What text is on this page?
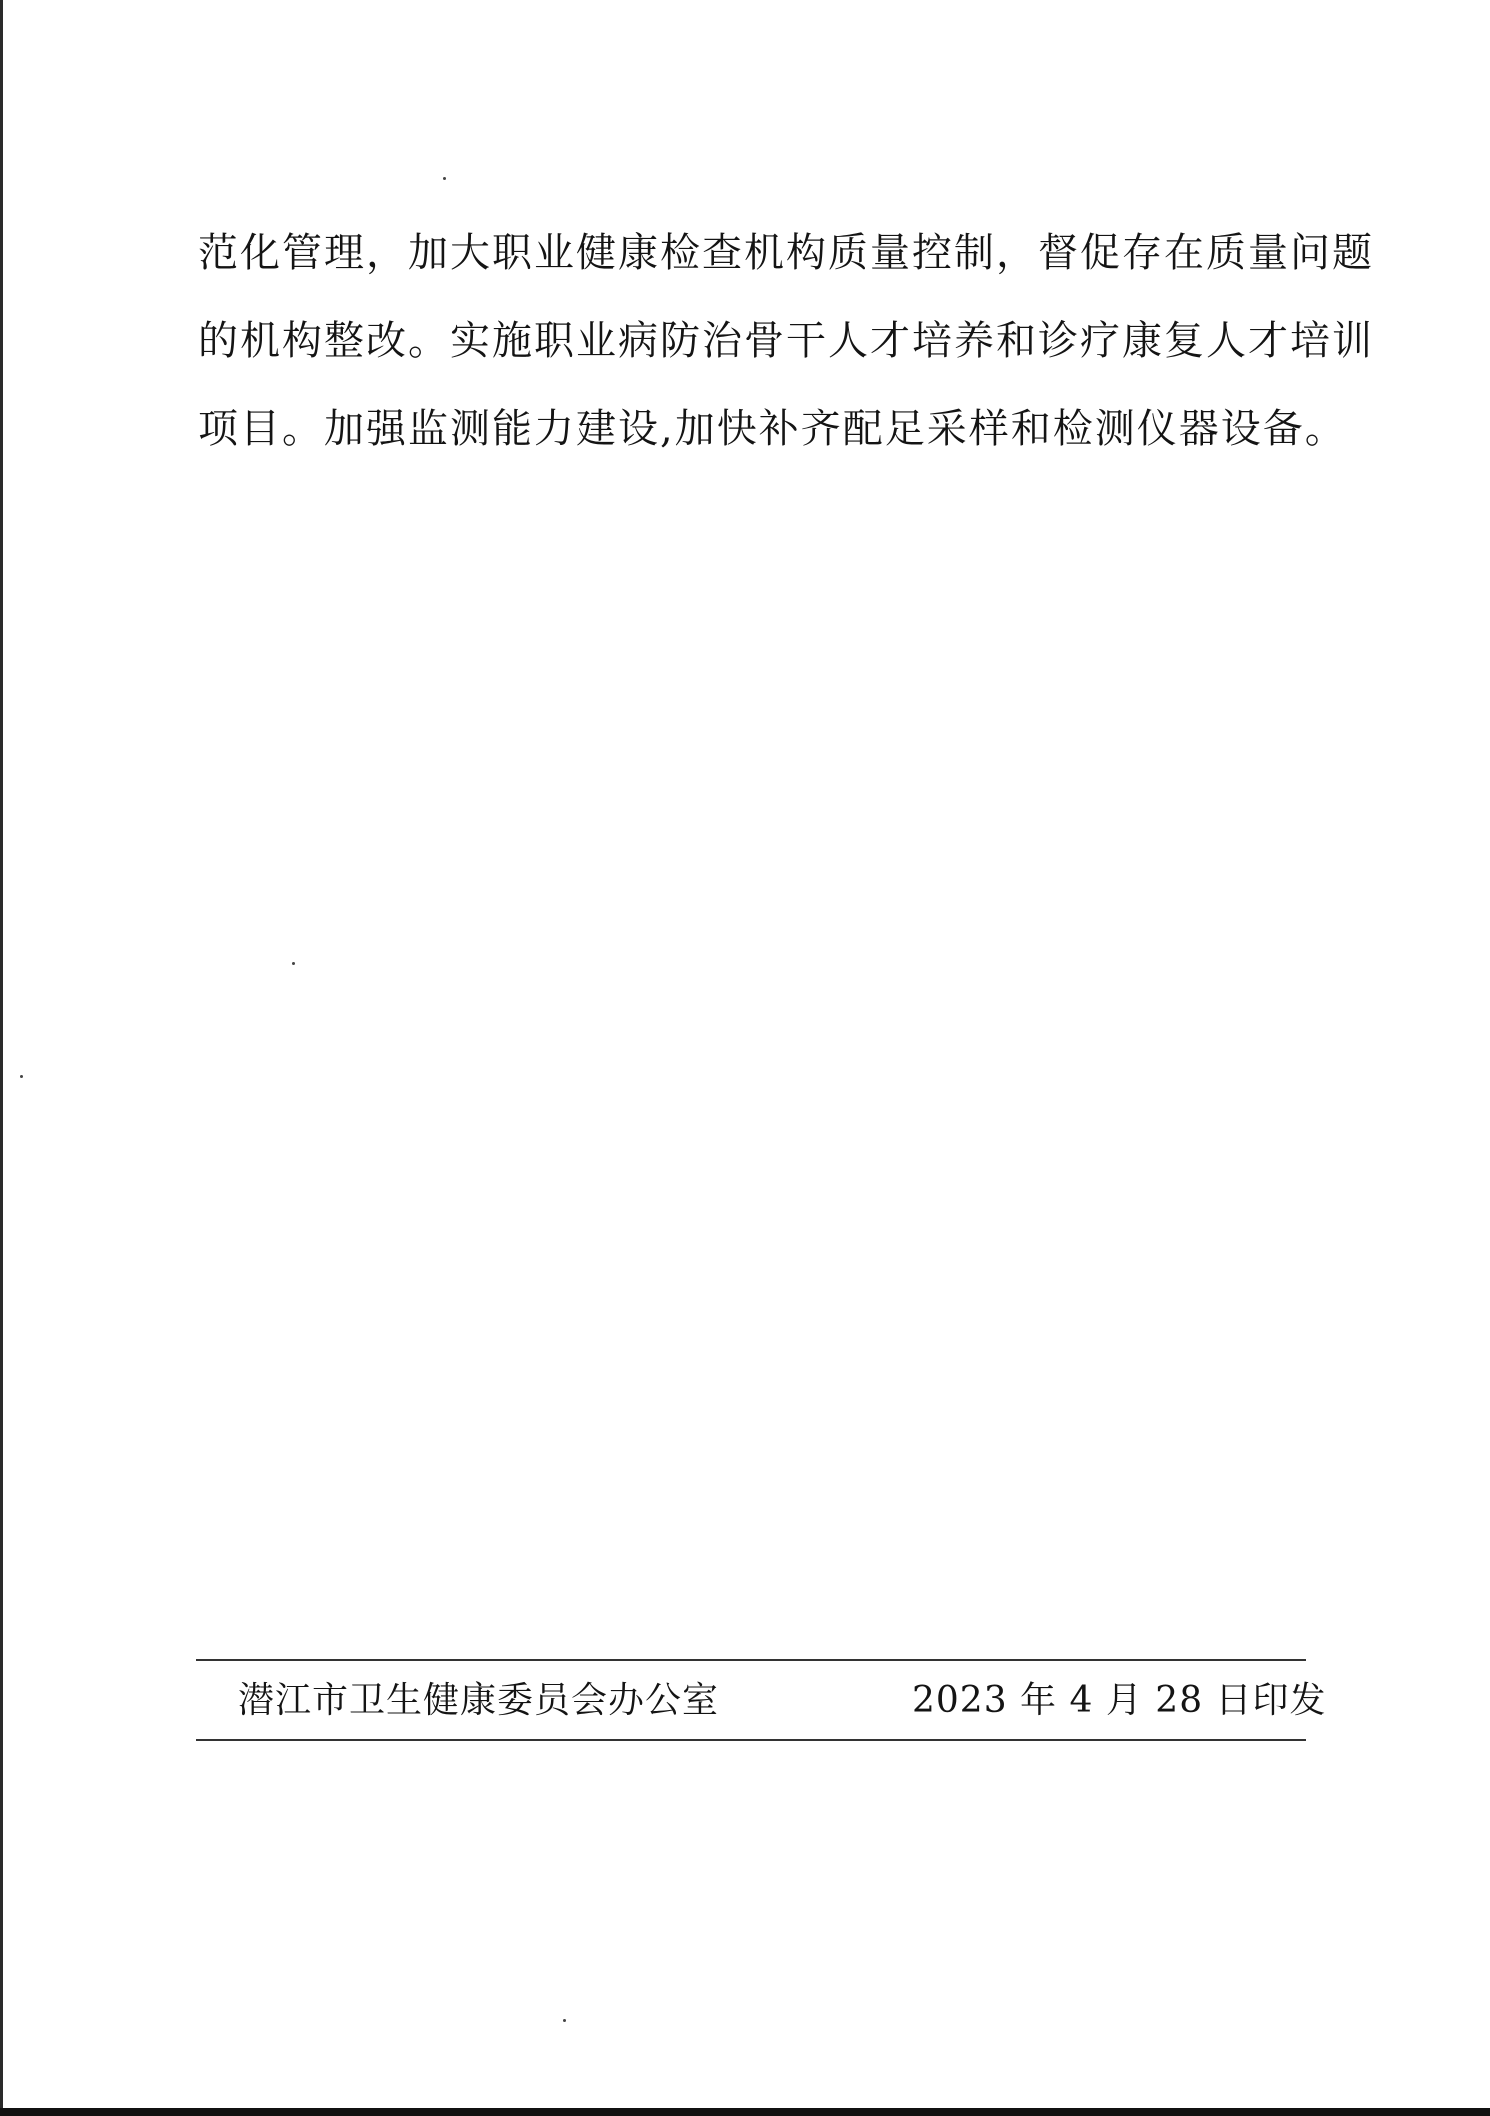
范化管理，加大职业健康检查机构质量控制，督促存在质量问题
的机构整改。实施职业病防治骨干人才培养和诊疗康复人才培训
项目。加强监测能力建设,加快补齐配足采样和检测仪器设备。
潜江市卫生健康委员会办公室	2023 年 4 月 28 日印发
